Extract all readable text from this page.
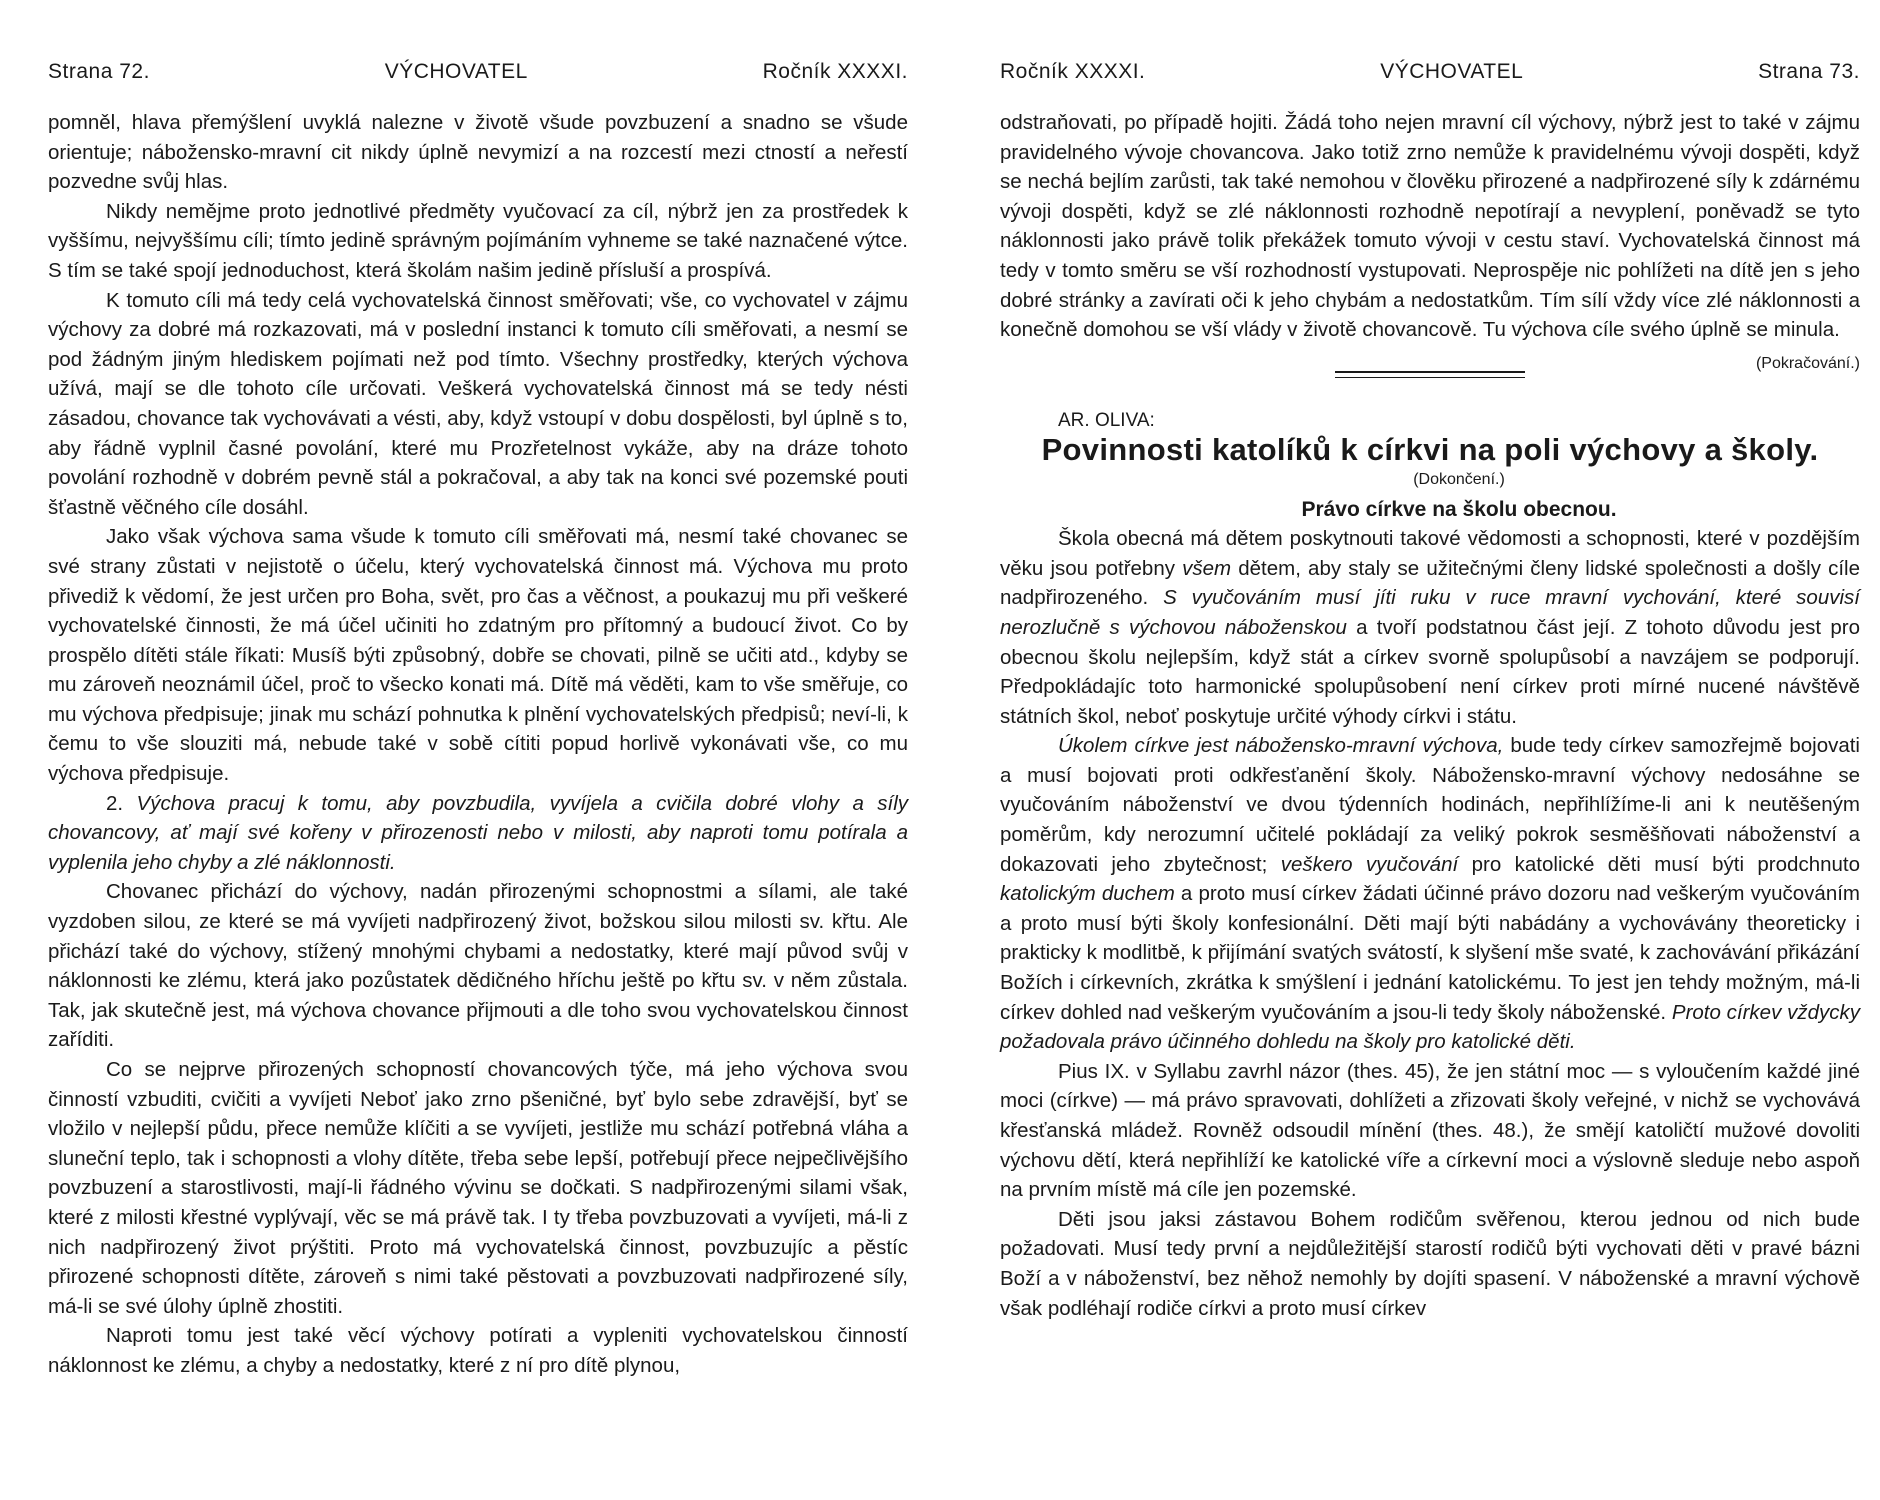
Strana 72.	VÝCHOVATEL	Ročník XXXXI.

pomněl, hlava přemýšlení uvyklá nalezne v životě všude povzbuzení a snadno se všude orientuje; nábožensko-mravní cit nikdy úplně nevymizí a na rozcestí mezi ctností a neřestí pozvedne svůj hlas.

Nikdy nemějme proto jednotlivé předměty vyučovací za cíl, nýbrž jen za prostředek k vyššímu, nejvyššímu cíli; tímto jedině správným pojímáním vyhneme se také naznačené výtce. S tím se také spojí jednoduchost, která školám našim jedině přísluší a prospívá.

K tomuto cíli má tedy celá vychovatelská činnost směřovati; vše, co vychovatel v zájmu výchovy za dobré má rozkazovati, má v poslední instanci k tomuto cíli směřovati, a nesmí se pod žádným jiným hlediskem pojímati než pod tímto. Všechny prostředky, kterých výchova užívá, mají se dle tohoto cíle určovati. Veškerá vychovatelská činnost má se tedy nésti zásadou, chovance tak vychovávati a vésti, aby, když vstoupí v dobu dospělosti, byl úplně s to, aby řádně vyplnil časné povolání, které mu Prozřetelnost vykáže, aby na dráze tohoto povolání rozhodně v dobrém pevně stál a pokračoval, a aby tak na konci své pozemské pouti šťastně věčného cíle dosáhl.

Jako však výchova sama všude k tomuto cíli směřovati má, nesmí také chovanec se své strany zůstati v nejistotě o účelu, který vychovatelská činnost má. Výchova mu proto přivediž k vědomí, že jest určen pro Boha, svět, pro čas a věčnost, a poukazuj mu při veškeré vychovatelské činnosti, že má účel učiniti ho zdatným pro přítomný a budoucí život. Co by prospělo dítěti stále říkati: Musíš býti způsobný, dobře se chovati, pilně se učiti atd., kdyby se mu zároveň neoznámil účel, proč to všecko konati má. Dítě má věděti, kam to vše směřuje, co mu výchova předpisuje; jinak mu schází pohnutka k plnění vychovatelských předpisů; neví-li, k čemu to vše slouziti má, nebude také v sobě cítiti popud horlivě vykonávati vše, co mu výchova předpisuje.

2. Výchova pracuj k tomu, aby povzbudila, vyvíjela a cvičila dobré vlohy a síly chovancovy, ať mají své kořeny v přirozenosti nebo v milosti, aby naproti tomu potírala a vyplenila jeho chyby a zlé náklonnosti.

Chovanec přichází do výchovy, nadán přirozenými schopnostmi a sílami, ale také vyzdoben silou, ze které se má vyvíjeti nadpřirozený život, božskou silou milosti sv. křtu. Ale přichází také do výchovy, stížený mnohými chybami a nedostatky, které mají původ svůj v náklonnosti ke zlému, která jako pozůstatek dědičného hříchu ještě po křtu sv. v něm zůstala. Tak, jak skutečně jest, má výchova chovance přijmouti a dle toho svou vychovatelskou činnost zaříditi.

Co se nejprve přirozených schopností chovancových týče, má jeho výchova svou činností vzbuditi, cvičiti a vyvíjeti Neboť jako zrno pšeničné, byť bylo sebe zdravější, byť se vložilo v nejlepší půdu, přece nemůže klíčiti a se vyvíjeti, jestliže mu schází potřebná vláha a sluneční teplo, tak i schopnosti a vlohy dítěte, třeba sebe lepší, potřebují přece nejpečlivějšího povzbuzení a starostlivosti, mají-li řádného vývinu se dočkati. S nadpřirozenými silami však, které z milosti křestné vyplývají, věc se má právě tak. I ty třeba povzbuzovati a vyvíjeti, má-li z nich nadpřirozený život prýštiti. Proto má vychovatelská činnost, povzbuzujíc a pěstíc přirozené schopnosti dítěte, zároveň s nimi také pěstovati a povzbuzovati nadpřirozené síly, má-li se své úlohy úplně zhostiti.

Naproti tomu jest také věcí výchovy potírati a vypleniti vychovatelskou činností náklonnost ke zlému, a chyby a nedostatky, které z ní pro dítě plynou,

Ročník XXXXI.	VÝCHOVATEL	Strana 73.

odstraňovati, po případě hojiti. Žádá toho nejen mravní cíl výchovy, nýbrž jest to také v zájmu pravidelného vývoje chovancova. Jako totiž zrno nemůže k pravidelnému vývoji dospěti, když se nechá bejlím zarůsti, tak také nemohou v člověku přirozené a nadpřirozené síly k zdárnému vývoji dospěti, když se zlé náklonnosti rozhodně nepotírají a nevyplení, poněvadž se tyto náklonnosti jako právě tolik překážek tomuto vývoji v cestu staví. Vychovatelská činnost má tedy v tomto směru se vší rozhodností vystupovati. Neprospěje nic pohlížeti na dítě jen s jeho dobré stránky a zavírati oči k jeho chybám a nedostatkům. Tím sílí vždy více zlé náklonnosti a konečně domohou se vší vlády v životě chovancově. Tu výchova cíle svého úplně se minula.
(Pokračování.)

AR. OLIVA:

Povinnosti katolíků k církvi na poli výchovy a školy.

(Dokončení.)

Právo církve na školu obecnou.

Škola obecná má dětem poskytnouti takové vědomosti a schopnosti, které v pozdějším věku jsou potřebny všem dětem, aby staly se užitečnými členy lidské společnosti a došly cíle nadpřirozeného. S vyučováním musí jíti ruku v ruce mravní vychování, které souvisí nerozlučně s výchovou náboženskou a tvoří podstatnou část její. Z tohoto důvodu jest pro obecnou školu nejlepším, když stát a církev svorně spolupůsobí a navzájem se podporují. Předpokládajíc toto harmonické spolupůsobení není církev proti mírné nucené návštěvě státních škol, neboť poskytuje určité výhody církvi i státu.

Úkolem církve jest nábožensko-mravní výchova, bude tedy církev samozřejmě bojovati a musí bojovati proti odkřesťanění školy. Nábožensko-mravní výchovy nedosáhne se vyučováním náboženství ve dvou týdenních hodinách, nepřihlížíme-li ani k neutěšeným poměrům, kdy nerozumní učitelé pokládají za veliký pokrok sesměšňovati náboženství a dokazovati jeho zbytečnost; veškero vyučování pro katolické děti musí býti prodchnuto katolickým duchem a proto musí církev žádati účinné právo dozoru nad veškerým vyučováním a proto musí býti školy konfesionální. Děti mají býti nabádány a vychovávány theoreticky i prakticky k modlitbě, k přijímání svatých svátostí, k slyšení mše svaté, k zachovávání přikázání Božích i církevních, zkrátka k smýšlení i jednání katolickému. To jest jen tehdy možným, má-li církev dohled nad veškerým vyučováním a jsou-li tedy školy náboženské. Proto církev vždycky požadovala právo účinného dohledu na školy pro katolické děti.

Pius IX. v Syllabu zavrhl názor (thes. 45), že jen státní moc — s vyloučením každé jiné moci (církve) — má právo spravovati, dohlížeti a zřizovati školy veřejné, v nichž se vychovává křesťanská mládež. Rovněž odsoudil mínění (thes. 48.), že smějí katoličtí mužové dovoliti výchovu dětí, která nepřihlíží ke katolické víře a církevní moci a výslovně sleduje nebo aspoň na prvním místě má cíle jen pozemské.

Děti jsou jaksi zástavou Bohem rodičům svěřenou, kterou jednou od nich bude požadovati. Musí tedy první a nejdůležitější starostí rodičů býti vychovati děti v pravé bázni Boží a v náboženství, bez něhož nemohly by dojíti spasení. V náboženské a mravní výchově však podléhají rodiče církvi a proto musí církev
